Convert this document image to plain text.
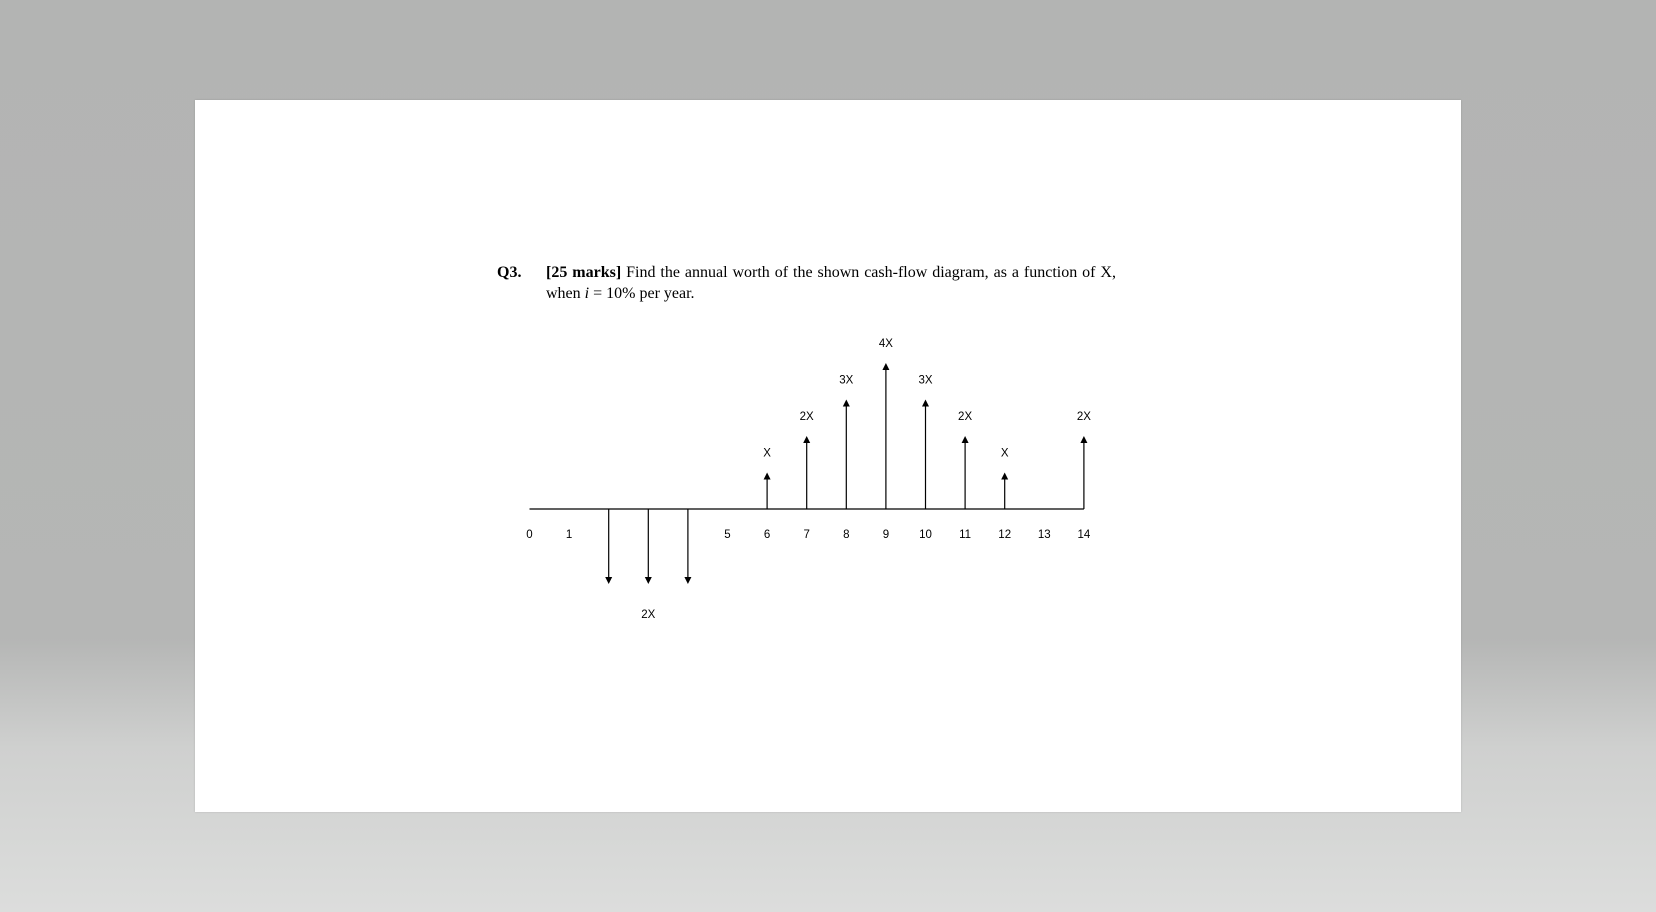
Q3. [25 marks] Find the annual worth of the shown cash-flow diagram, as a function of X,
when i = 10% per year.
2X
X
2X
3X
4X
3X
2X
X
2X
0	1	5	6	7	8	9	10 11 12 13 14
